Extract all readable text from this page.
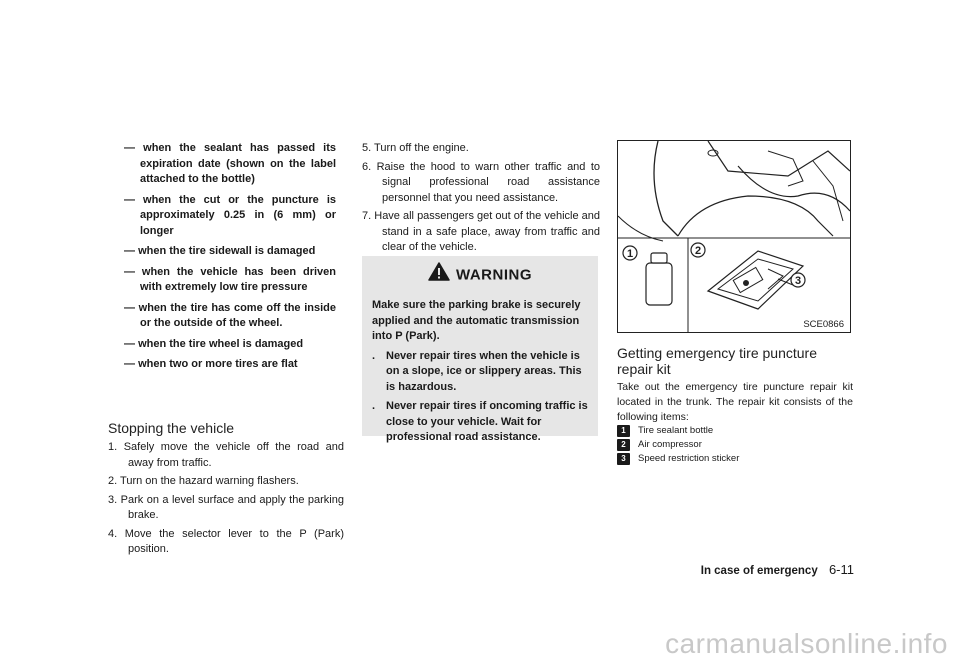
— when the sealant has passed its expiration date (shown on the label attached to the bottle)
— when the cut or the puncture is approximately 0.25 in (6 mm) or longer
— when the tire sidewall is damaged
— when the vehicle has been driven with extremely low tire pressure
— when the tire has come off the inside or the outside of the wheel.
— when the tire wheel is damaged
— when two or more tires are flat
Stopping the vehicle
1. Safely move the vehicle off the road and away from traffic.
2. Turn on the hazard warning flashers.
3. Park on a level surface and apply the parking brake.
4. Move the selector lever to the P (Park) position.
5. Turn off the engine.
6. Raise the hood to warn other traffic and to signal professional road assistance personnel that you need assistance.
7. Have all passengers get out of the vehicle and stand in a safe place, away from traffic and clear of the vehicle.
WARNING

Make sure the parking brake is securely applied and the automatic transmission into P (Park).

. Never repair tires when the vehicle is on a slope, ice or slippery areas. This is hazardous.
. Never repair tires if oncoming traffic is close to your vehicle. Wait for professional road assistance.
1	2
3
SCE0866
Getting emergency tire puncture repair kit
Take out the emergency tire puncture repair kit located in the trunk. The repair kit consists of the following items:
1	Tire sealant bottle
2	Air compressor
3	Speed restriction sticker
In case of emergency 6-11
carmanualsonline.info
